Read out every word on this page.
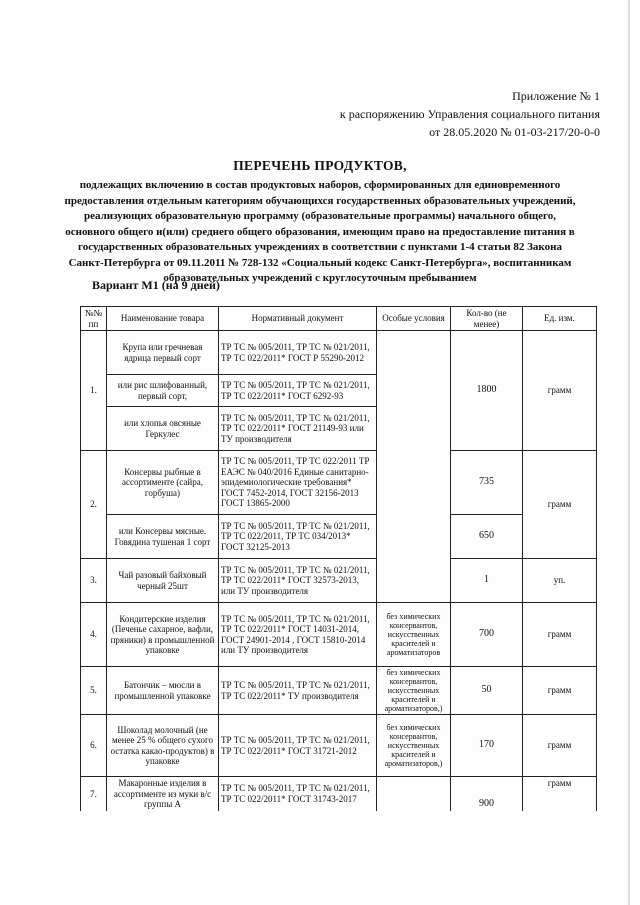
Приложение № 1
к распоряжению Управления социального питания
от 28.05.2020 № 01-03-217/20-0-0
ПЕРЕЧЕНЬ ПРОДУКТОВ,

подлежащих включению в состав продуктовых наборов, сформированных для единовременного предоставления отдельным категориям обучающихся государственных образовательных учреждений, реализующих образовательную программу (образовательные программы) начального общего, основного общего и(или) среднего общего образования, имеющим право на предоставление питания в государственных образовательных учреждениях в соответствии с пунктами 1-4 статьи 82 Закона Санкт-Петербурга от 09.11.2011 № 728-132 «Социальный кодекс Санкт-Петербурга», воспитанникам образовательных учреждений с круглосуточным пребыванием

Вариант М1 (на 9 дней)
№№ пп	Наименование товара	Нормативный документ	Особые условия	Кол-во (не менее)	Ед. изм.
1.	Крупа или гречневая ядрица первый сорт	ТР ТС № 005/2011, ТР ТС № 021/2011, ТР ТС 022/2011* ГОСТ Р 55290-2012		1800	грамм
	или рис шлифованный, первый сорт,	ТР ТС № 005/2011, ТР ТС № 021/2011, ТР ТС 022/2011* ГОСТ 6292-93			
	или хлопья овсяные Геркулес	ТР ТС № 005/2011, ТР ТС № 021/2011, ТР ТС 022/2011* ГОСТ 21149-93 или ТУ производителя			
2.	Консервы рыбные в ассортименте (сайра, горбуша)	ТР ТС № 005/2011, ТР ТС 022/2011 ТР ЕАЭС № 040/2016 Единые санитарно-эпидемиологические требования* ГОСТ 7452-2014, ГОСТ 32156-2013 ГОСТ 13865-2000		735	грамм
	или Консервы мясные. Говядина тушеная 1 сорт	ТР ТС № 005/2011, ТР ТС № 021/2011, ТР ТС 022/2011, ТР ТС 034/2013* ГОСТ 32125-2013		650	
3.	Чай разовый байховый черный 25шт	ТР ТС № 005/2011, ТР ТС № 021/2011, ТР ТС 022/2011* ГОСТ 32573-2013, или ТУ производителя		1	уп.
4.	Кондитерские изделия (Печенье сахарное, вафли, пряники) в промышленной упаковке	ТР ТС № 005/2011, ТР ТС № 021/2011, ТР ТС 022/2011* ГОСТ 14031-2014, ГОСТ 24901-2014 , ГОСТ 15810-2014 или ТУ производителя	без химических консервантов, искусственных красителей и ароматизаторов	700	грамм
5.	Батончик – мюсли в промышленной упаковке	ТР ТС № 005/2011, ТР ТС № 021/2011, ТР ТС 022/2011* ТУ производителя	без химических консервантов, искусственных красителей и ароматизаторов,)	50	грамм
6.	Шоколад молочный (не менее 25 % общего сухого остатка какао-продуктов) в упаковке	ТР ТС № 005/2011, ТР ТС № 021/2011, ТР ТС 022/2011* ГОСТ 31721-2012	без химических консервантов, искусственных красителей и ароматизаторов,)	170	грамм
7.	Макаронные изделия в ассортименте из муки в/с группы А	ТР ТС № 005/2011, ТР ТС № 021/2011, ТР ТС 022/2011* ГОСТ 31743-2017		900	грамм
